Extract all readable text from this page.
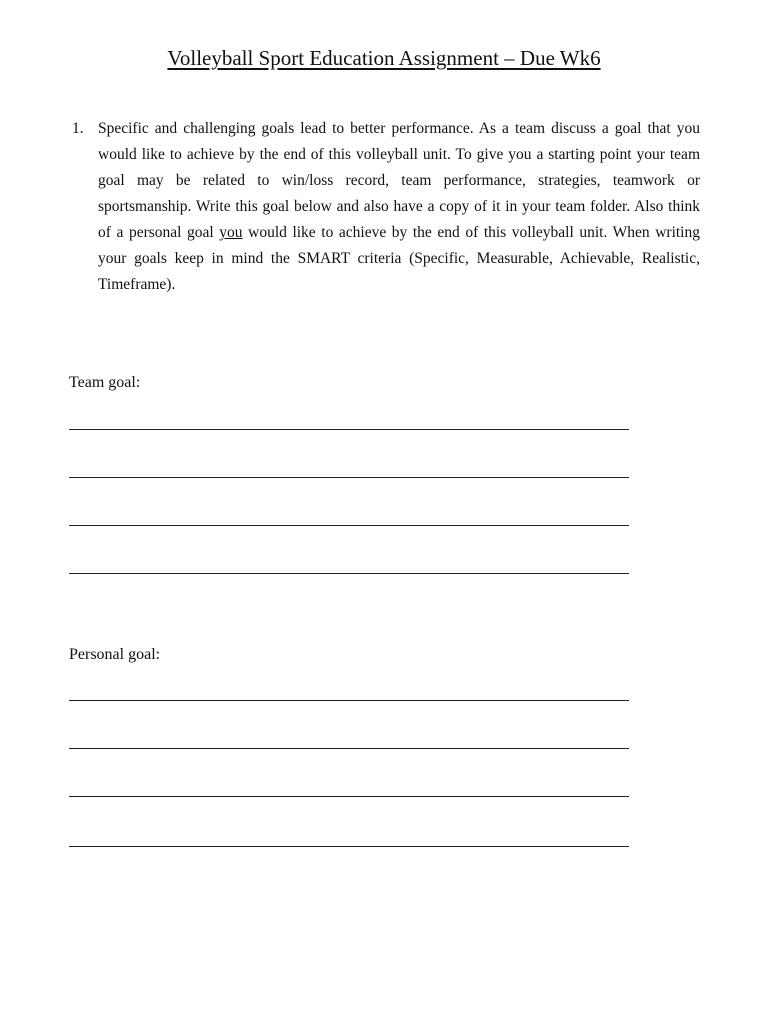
Volleyball Sport Education Assignment – Due Wk6
1. Specific and challenging goals lead to better performance. As a team discuss a goal that you would like to achieve by the end of this volleyball unit. To give you a starting point your team goal may be related to win/loss record, team performance, strategies, teamwork or sportsmanship. Write this goal below and also have a copy of it in your team folder. Also think of a personal goal you would like to achieve by the end of this volleyball unit. When writing your goals keep in mind the SMART criteria (Specific, Measurable, Achievable, Realistic, Timeframe).
Team goal:
Personal goal:
